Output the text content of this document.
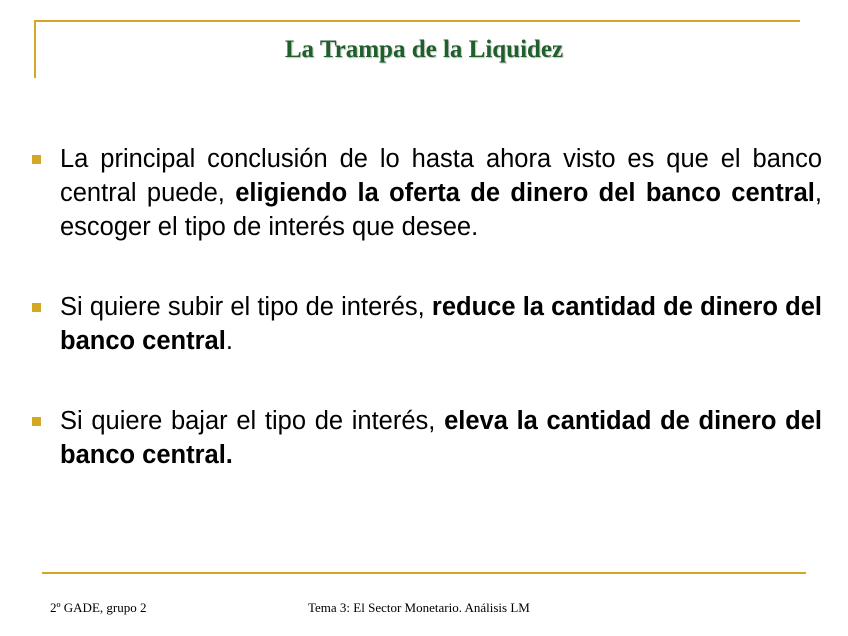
La Trampa de la Liquidez
La principal conclusión de lo hasta ahora visto es que el banco central puede, eligiendo la oferta de dinero del banco central, escoger el tipo de interés que desee.
Si quiere subir el tipo de interés, reduce la cantidad de dinero del banco central.
Si quiere bajar el tipo de interés, eleva la cantidad de dinero del banco central.
2º GADE, grupo 2	Tema 3: El Sector Monetario. Análisis LM
